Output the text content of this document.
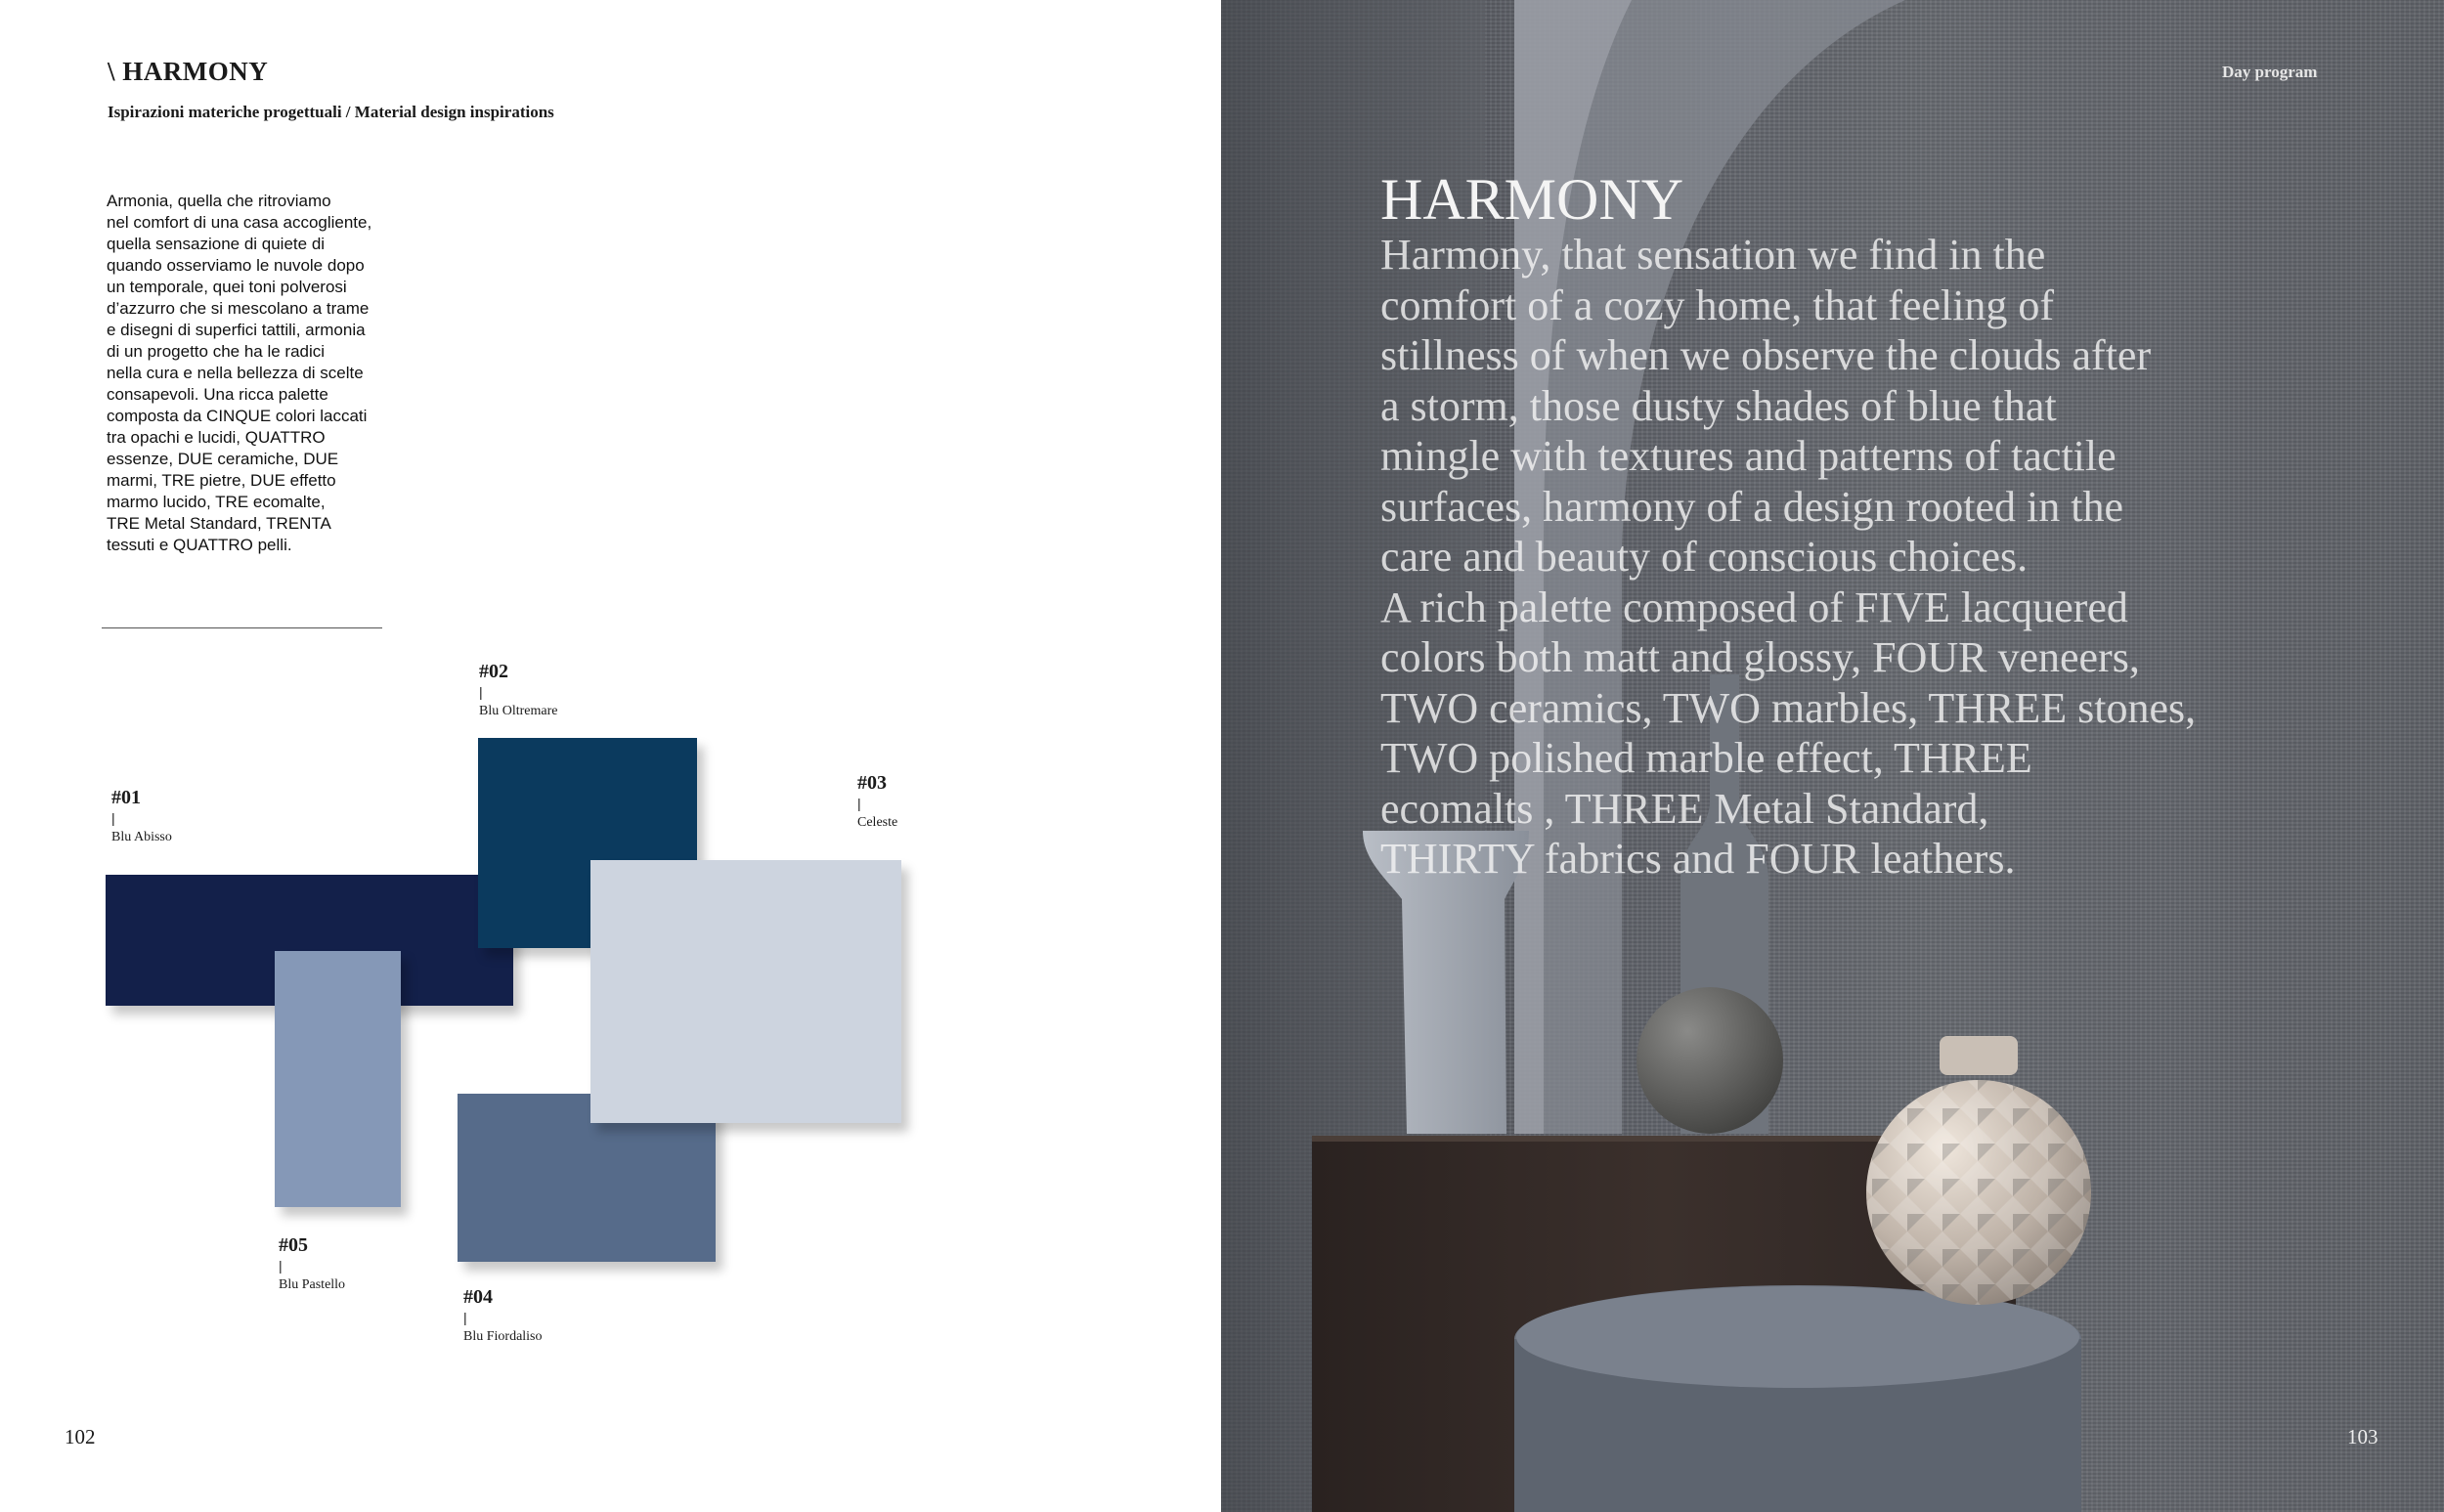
\ HARMONY
Ispirazioni materiche progettuali / Material design inspirations
Armonia, quella che ritroviamo
nel comfort di una casa accogliente,
quella sensazione di quiete di
quando osserviamo le nuvole dopo
un temporale, quei toni polverosi
d’azzurro che si mescolano a trame
e disegni di superfici tattili, armonia
di un progetto che ha le radici
nella cura e nella bellezza di scelte
consapevoli. Una ricca palette
composta da CINQUE colori laccati
tra opachi e lucidi, QUATTRO
essenze, DUE ceramiche, DUE
marmi, TRE pietre, DUE effetto
marmo lucido, TRE ecomalte,
TRE Metal Standard, TRENTA
tessuti e QUATTRO pelli.
#01
|
Blu Abisso
#02
|
Blu Oltremare
#03
|
Celeste
#04
|
Blu Fiordaliso
#05
|
Blu Pastello
102
Day program
HARMONY
Harmony, that sensation we find in the
comfort of a cozy home, that feeling of
stillness of when we observe the clouds after
a storm, those dusty shades of blue that
mingle with textures and patterns of tactile
surfaces, harmony of a design rooted in the
care and beauty of conscious choices.
A rich palette composed of FIVE lacquered
colors both matt and glossy, FOUR veneers,
TWO ceramics, TWO marbles, THREE stones,
TWO polished marble effect, THREE
ecomalts , THREE Metal Standard,
THIRTY fabrics and FOUR leathers.
103
